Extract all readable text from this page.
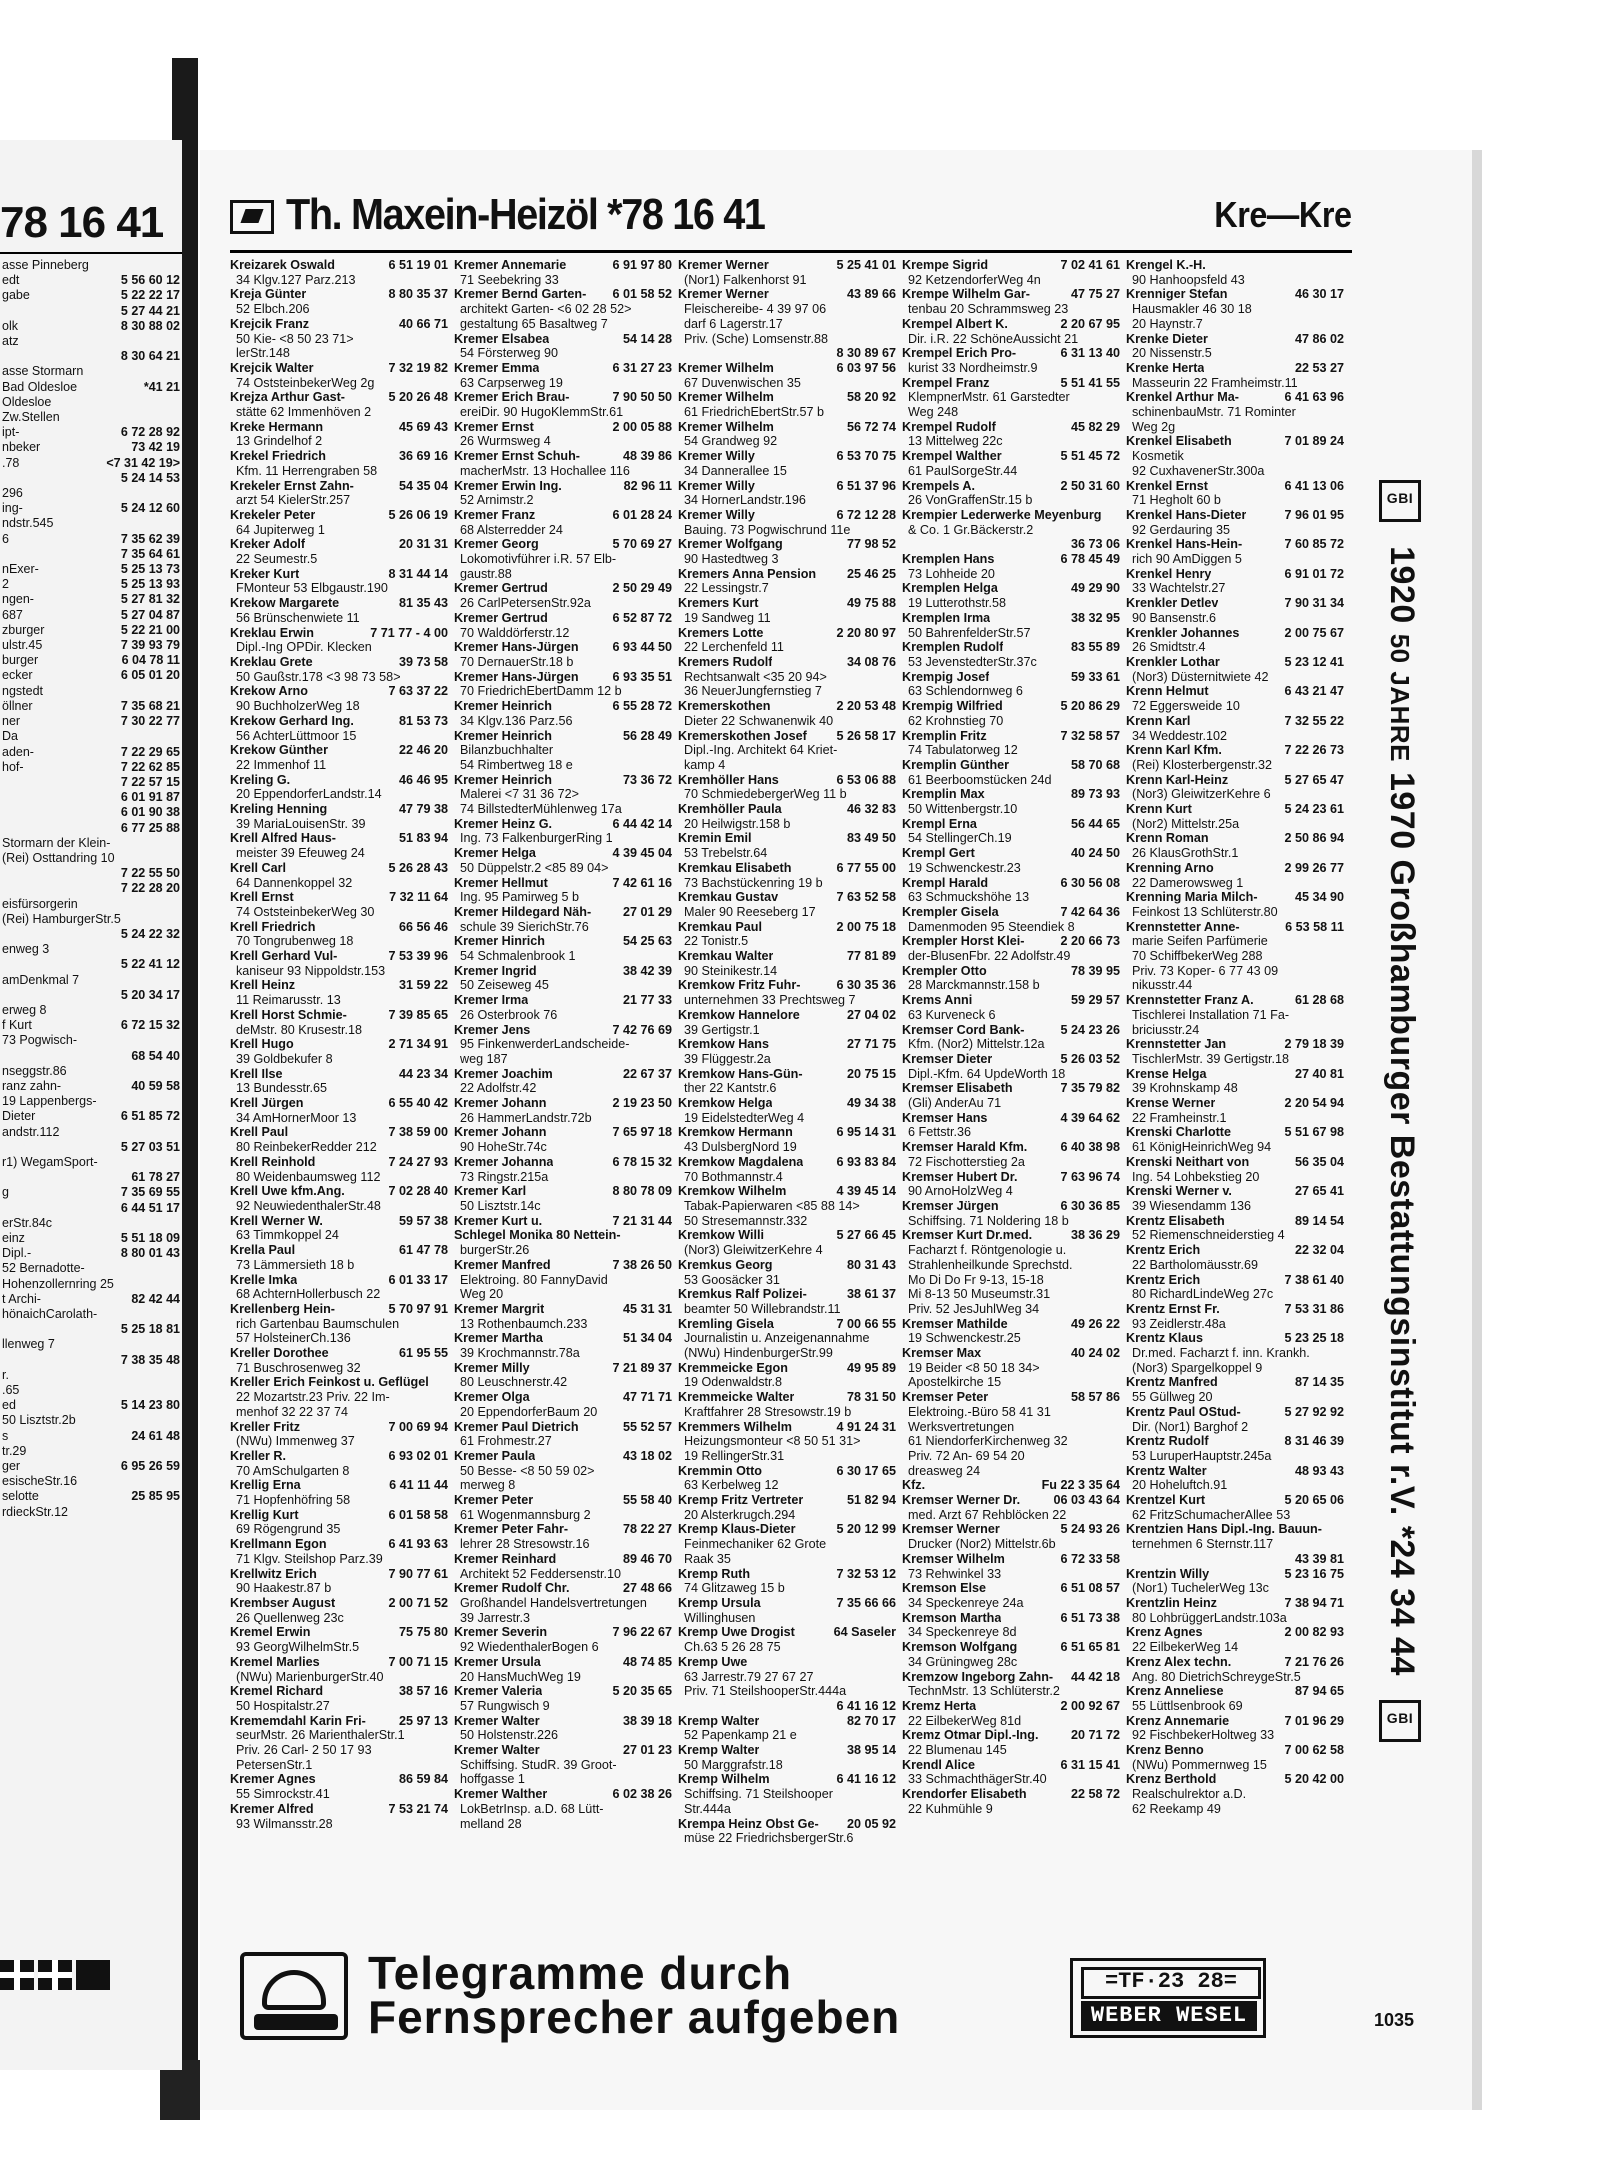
78 16 41
asse Pinneberg
edt	5 56 60 12
gabe	5 22 22 17
5 27 44 21
olk	8 30 88 02
atz
8 30 64 21
asse Stormarn
Bad Oldesloe	*41 21
Oldesloe
Zw.Stellen
ipt-	6 72 28 92
nbeker	73 42 19
.78	<7 31 42 19>
5 24 14 53
296
ing-	5 24 12 60
ndstr.545
6	7 35 62 39
7 35 64 61
nExer-	5 25 13 73
2	5 25 13 93
ngen-	5 27 81 32
687	5 27 04 87
zburger	5 22 21 00
ulstr.45	7 39 93 79
burger	6 04 78 11
ecker	6 05 01 20
ngstedt
öllner	7 35 68 21
ner	7 30 22 77
Da
aden-	7 22 29 65
hof-	7 22 62 85
7 22 57 15
6 01 91 87
6 01 90 38
6 77 25 88
Stormarn der Klein-
(Rei) Osttandring 10
7 22 55 50
7 22 28 20
eisfürsorgerin
(Rei) HamburgerStr.5
5 24 22 32
enweg 3
5 22 41 12
amDenkmal 7
5 20 34 17
erweg 8
f Kurt	6 72 15 32
73 Pogwisch-
68 54 40
nseggstr.86
ranz zahn-	40 59 58
19 Lappenbergs-
Dieter	6 51 85 72
andstr.112
5 27 03 51
r1) WegamSport-
61 78 27
g	7 35 69 55
6 44 51 17
erStr.84c
einz	5 51 18 09
Dipl.-	8 80 01 43
52 Bernadotte-
Hohenzollernring 25
t Archi-	82 42 44
hönaichCarolath-
5 25 18 81
llenweg 7
7 38 35 48
r.
.65
ed	5 14 23 80
50 Lisztstr.2b
s	24 61 48
tr.29
ger	6 95 26 59
esischeStr.16
selotte	25 85 95
rdieckStr.12
Th. Maxein-Heizöl *78 16 41	Kre—Kre
Kreizarek Oswald	6 51 19 01
34 Klgv.127 Parz.213
Kreja Günter	8 80 35 37
52 Elbch.206
Krejcik Franz	40 66 71
50 Kie- <8 50 23 71>
lerStr.148
Krejcik Walter	7 32 19 82
74 OststeinbekerWeg 2g
Krejza Arthur Gast-	5 20 26 48
stätte 62 Immenhöven 2
Kreke Hermann	45 69 43
13 Grindelhof 2
Krekel Friedrich	36 69 16
Kfm. 11 Herrengraben 58
Krekeler Ernst Zahn-	54 35 04
arzt 54 KielerStr.257
Krekeler Peter	5 26 06 19
64 Jupiterweg 1
Kreker Adolf	20 31 31
22 Seumestr.5
Kreker Kurt	8 31 44 14
FMonteur 53 Elbgaustr.190
Krekow Margarete	81 35 43
56 Brünschenwiete 11
Kreklau Erwin	7 71 77 - 4 00
Dipl.-Ing OPDir. Klecken
Kreklau Grete	39 73 58
50 Gaußstr.178 <3 98 73 58>
Krekow Arno	7 63 37 22
90 BuchholzerWeg 18
Krekow Gerhard Ing.	81 53 73
56 AchterLüttmoor 15
Krekow Günther	22 46 20
22 Immenhof 11
Kreling G.	46 46 95
20 EppendorferLandstr.14
Kreling Henning	47 79 38
39 MariaLouisenStr. 39
Krell Alfred Haus-	51 83 94
meister 39 Efeuweg 24
Krell Carl	5 26 28 43
64 Dannenkoppel 32
Krell Ernst	7 32 11 64
74 OststeinbekerWeg 30
Krell Friedrich	66 56 46
70 Tongrubenweg 18
Krell Gerhard Vul-	7 53 39 96
kaniseur 93 Nippoldstr.153
Krell Heinz	31 59 22
11 Reimarusstr. 13
Krell Horst Schmie-	7 39 85 65
deMstr. 80 Krusestr.18
Krell Hugo	2 71 34 91
39 Goldbekufer 8
Krell Ilse	44 23 34
13 Bundesstr.65
Krell Jürgen	6 55 40 42
34 AmHornerMoor 13
Krell Paul	7 38 59 00
80 ReinbekerRedder 212
Krell Reinhold	7 24 27 93
80 Weidenbaumsweg 112
Krell Uwe kfm.Ang.	7 02 28 40
92 NeuwiedenthalerStr.48
Krell Werner W.	59 57 38
63 Timmkoppel 24
Krella Paul	61 47 78
73 Lämmersieth 18 b
Krelle Imka	6 01 33 17
68 AchternHollerbusch 22
Krellenberg Hein-	5 70 97 91
rich Gartenbau Baumschulen
57 HolsteinerCh.136
Kreller Dorothee	61 95 55
71 Buschrosenweg 32
Kreller Erich Feinkost u. Geflügel
22 Mozartstr.23 Priv. 22 Im-
menhof 32 22 37 74
Kreller Fritz	7 00 69 94
(NWu) Immenweg 37
Kreller R.	6 93 02 01
70 AmSchulgarten 8
Krellig Erna	6 41 11 44
71 Hopfenhöfring 58
Krellig Kurt	6 01 58 58
69 Rögengrund 35
Krellmann Egon	6 41 93 63
71 Klgv. Steilshop Parz.39
Krellwitz Erich	7 90 77 61
90 Haakestr.87 b
Krembser August	2 00 71 52
26 Quellenweg 23c
Kremel Erwin	75 75 80
93 GeorgWilhelmStr.5
Kremel Marlies	7 00 71 15
(NWu) MarienburgerStr.40
Kremel Richard	38 57 16
50 Hospitalstr.27
Krememdahl Karin Fri-	25 97 13
seurMstr. 26 MarienthalerStr.1
Priv. 26 Carl- 2 50 17 93
PetersenStr.1
Kremer Agnes	86 59 84
55 Simrockstr.41
Kremer Alfred	7 53 21 74
93 Wilmansstr.28
Kremer Annemarie	6 91 97 80
71 Seebekring 33
Kremer Bernd Garten-	6 01 58 52
architekt Garten- <6 02 28 52>
gestaltung 65 Basaltweg 7
Kremer Elsabea	54 14 28
54 Försterweg 90
Kremer Emma	6 31 27 23
63 Carpserweg 19
Kremer Erich Brau-	7 90 50 50
ereiDir. 90 HugoKlemmStr.61
Kremer Ernst	2 00 05 88
26 Wurmsweg 4
Kremer Ernst Schuh-	48 39 86
macherMstr. 13 Hochallee 116
Kremer Erwin Ing.	82 96 11
52 Arnimstr.2
Kremer Franz	6 01 28 24
68 Alsterredder 24
Kremer Georg	5 70 69 27
Lokomotivführer i.R. 57 Elb-
gaustr.88
Kremer Gertrud	2 50 29 49
26 CarlPetersenStr.92a
Kremer Gertrud	6 52 87 72
70 Walddörferstr.12
Kremer Hans-Jürgen	6 93 44 50
70 DernauerStr.18 b
Kremer Hans-Jürgen	6 93 35 51
70 FriedrichEbertDamm 12 b
Kremer Heinrich	6 55 28 72
34 Klgv.136 Parz.56
Kremer Heinrich	56 28 49
Bilanzbuchhalter
54 Rimbertweg 18 e
Kremer Heinrich	73 36 72
Malerei <7 31 36 72>
74 BillstedterMühlenweg 17a
Kremer Heinz G.	6 44 42 14
Ing. 73 FalkenburgerRing 1
Kremer Helga	4 39 45 04
50 Düppelstr.2 <85 89 04>
Kremer Hellmut	7 42 61 16
Ing. 95 Pamirweg 5 b
Kremer Hildegard Näh-	27 01 29
schule 39 SierichStr.76
Kremer Hinrich	54 25 63
54 Schmalenbrook 1
Kremer Ingrid	38 42 39
50 Zeiseweg 45
Kremer Irma	21 77 33
26 Osterbrook 76
Kremer Jens	7 42 76 69
95 FinkenwerderLandscheide-
weg 187
Kremer Joachim	22 67 37
22 Adolfstr.42
Kremer Johann	2 19 23 50
26 HammerLandstr.72b
Kremer Johann	7 65 97 18
90 HoheStr.74c
Kremer Johanna	6 78 15 32
73 Ringstr.215a
Kremer Karl	8 80 78 09
50 Lisztstr.14c
Kremer Kurt u.	7 21 31 44
Schlegel Monika 80 Nettein-
burgerStr.26
Kremer Manfred	7 38 26 50
Elektroing. 80 FannyDavid
Weg 20
Kremer Margrit	45 31 31
13 Rothenbaumch.233
Kremer Martha	51 34 04
39 Krochmannstr.78a
Kremer Milly	7 21 89 37
80 Leuschnerstr.42
Kremer Olga	47 71 71
20 EppendorferBaum 20
Kremer Paul Dietrich	55 52 57
61 Frohmestr.27
Kremer Paula	43 18 02
50 Besse- <8 50 59 02>
merweg 8
Kremer Peter	55 58 40
61 Wogenmannsburg 2
Kremer Peter Fahr-	78 22 27
lehrer 28 Stresowstr.16
Kremer Reinhard	89 46 70
Architekt 52 Feddersenstr.10
Kremer Rudolf Chr.	27 48 66
Großhandel Handelsvertretungen
39 Jarrestr.3
Kremer Severin	7 96 22 67
92 WiedenthalerBogen 6
Kremer Ursula	48 74 85
20 HansMuchWeg 19
Kremer Valeria	5 20 35 65
57 Rungwisch 9
Kremer Walter	38 39 18
50 Holstenstr.226
Kremer Walter	27 01 23
Schiffsing. StudR. 39 Groot-
hoffgasse 1
Kremer Walther	6 02 38 26
LokBetrInsp. a.D. 68 Lütt-
melland 28
Kremer Werner	5 25 41 01
(Nor1) Falkenhorst 91
Kremer Werner	43 89 66
Fleischereibe- 4 39 97 06
darf 6 Lagerstr.17
Priv. (Sche) Lomsenstr.88
8 30 89 67
Kremer Wilhelm	6 03 97 56
67 Duvenwischen 35
Kremer Wilhelm	58 20 92
61 FriedrichEbertStr.57 b
Kremer Wilhelm	56 72 74
54 Grandweg 92
Kremer Willy	6 53 70 75
34 Dannerallee 15
Kremer Willy	6 51 37 96
34 HornerLandstr.196
Kremer Willy	6 72 12 28
Bauing. 73 Pogwischrund 11e
Kremer Wolfgang	77 98 52
90 Hastedtweg 3
Kremers Anna Pension	25 46 25
22 Lessingstr.7
Kremers Kurt	49 75 88
19 Sandweg 11
Kremers Lotte	2 20 80 97
22 Lerchenfeld 11
Kremers Rudolf	34 08 76
Rechtsanwalt <35 20 94>
36 NeuerJungfernstieg 7
Kremerskothen	2 20 53 48
Dieter 22 Schwanenwik 40
Kremerskothen Josef	5 26 58 17
Dipl.-Ing. Architekt 64 Kriet-
kamp 4
Kremhöller Hans	6 53 06 88
70 SchmiedebergerWeg 11 b
Kremhöller Paula	46 32 83
20 Heilwigstr.158 b
Kremin Emil	83 49 50
53 Trebelstr.64
Kremkau Elisabeth	6 77 55 00
73 Bachstückenring 19 b
Kremkau Gustav	7 63 52 58
Maler 90 Reeseberg 17
Kremkau Paul	2 00 75 18
22 Tonistr.5
Kremkau Walter	77 81 89
90 Steinikestr.14
Kremkow Fritz Fuhr-	6 30 35 36
unternehmen 33 Prechtsweg 7
Kremkow Hannelore	27 04 02
39 Gertigstr.1
Kremkow Hans	27 71 75
39 Flüggestr.2a
Kremkow Hans-Gün-	20 75 15
ther 22 Kantstr.6
Kremkow Helga	49 34 38
19 EidelstedterWeg 4
Kremkow Hermann	6 95 14 31
43 DulsbergNord 19
Kremkow Magdalena	6 93 83 84
70 Bothmannstr.4
Kremkow Wilhelm	4 39 45 14
Tabak-Papierwaren <85 88 14>
50 Stresemannstr.332
Kremkow Willi	5 27 66 45
(Nor3) GleiwitzerKehre 4
Kremkus Georg	80 31 43
53 Goosäcker 31
Kremkus Ralf Polizei-	38 61 37
beamter 50 Willebrandstr.11
Kremling Gisela	7 00 66 55
Journalistin u. Anzeigenannahme
(NWu) HindenburgerStr.99
Kremmeicke Egon	49 95 89
19 Odenwaldstr.8
Kremmeicke Walter	78 31 50
Kraftfahrer 28 Stresowstr.19 b
Kremmers Wilhelm	4 91 24 31
Heizungsmonteur <8 50 51 31>
19 RellingerStr.31
Kremmin Otto	6 30 17 65
63 Kerbelweg 12
Kremp Fritz Vertreter	51 82 94
20 Alsterkrugch.294
Kremp Klaus-Dieter	5 20 12 99
Feinmechaniker 62 Grote
Raak 35
Kremp Ruth	7 32 53 12
74 Glitzaweg 15 b
Kremp Ursula	7 35 66 66
Willinghusen
Kremp Uwe Drogist	64 Saseler
Ch.63 5 26 28 75
Kremp Uwe
63 Jarrestr.79 27 67 27
Priv. 71 SteilshooperStr.444a
6 41 16 12
Kremp Walter	82 70 17
52 Papenkamp 21 e
Kremp Walter	38 95 14
50 Marggrafstr.18
Kremp Wilhelm	6 41 16 12
Schiffsing. 71 Steilshooper
Str.444a
Krempa Heinz Obst Ge-	20 05 92
müse 22 FriedrichsbergerStr.6
Krempe Sigrid	7 02 41 61
92 KetzendorferWeg 4n
Krempe Wilhelm Gar-	47 75 27
tenbau 20 Schrammsweg 23
Krempel Albert K.	2 20 67 95
Dir. i.R. 22 SchöneAussicht 21
Krempel Erich Pro-	6 31 13 40
kurist 33 Nordheimstr.9
Krempel Franz	5 51 41 55
KlempnerMstr. 61 Garstedter
Weg 248
Krempel Rudolf	45 82 29
13 Mittelweg 22c
Krempel Walther	5 51 45 72
61 PaulSorgeStr.44
Krempels A.	2 50 31 60
26 VonGraffenStr.15 b
Krempier Lederwerke Meyenburg
& Co. 1 Gr.Bäckerstr.2
36 73 06
Kremplen Hans	6 78 45 49
73 Lohheide 20
Kremplen Helga	49 29 90
19 Lutterothstr.58
Kremplen Irma	38 32 95
50 BahrenfelderStr.57
Kremplen Rudolf	83 55 89
53 JevenstedterStr.37c
Krempig Josef	59 33 61
63 Schlendornweg 6
Krempig Wilfried	5 20 86 29
62 Krohnstieg 70
Kremplin Fritz	7 32 58 57
74 Tabulatorweg 12
Kremplin Günther	58 70 68
61 Beerboomstücken 24d
Kremplin Max	89 73 93
50 Wittenbergstr.10
Krempl Erna	56 44 65
54 StellingerCh.19
Krempl Gert	40 24 50
19 Schwenckestr.23
Krempl Harald	6 30 56 08
63 Schmuckshöhe 13
Krempler Gisela	7 42 64 36
Damenmoden 95 Steendiek 8
Krempler Horst Klei-	2 20 66 73
der-BlusenFbr. 22 Adolfstr.49
Krempler Otto	78 39 95
28 Marckmannstr.158 b
Krems Anni	59 29 57
63 Kurveneck 6
Kremser Cord Bank-	5 24 23 26
Kfm. (Nor2) Mittelstr.12a
Kremser Dieter	5 26 03 52
Dipl.-Kfm. 64 UpdeWorth 18
Kremser Elisabeth	7 35 79 82
(Gli) AnderAu 71
Kremser Hans	4 39 64 62
6 Fettstr.36
Kremser Harald Kfm.	6 40 38 98
72 Fischotterstieg 2a
Kremser Hubert Dr.	7 63 96 74
90 ArnoHolzWeg 4
Kremser Jürgen	6 30 36 85
Schiffsing. 71 Noldering 18 b
Kremser Kurt Dr.med.	38 36 29
Facharzt f. Röntgenologie u.
Strahlenheilkunde Sprechstd.
Mo Di Do Fr 9-13, 15-18
Mi 8-13 50 Museumstr.31
Priv. 52 JesJuhlWeg 34
Kremser Mathilde	49 26 22
19 Schwenckestr.25
Kremser Max	40 24 02
19 Beider <8 50 18 34>
Apostelkirche 15
Kremser Peter	58 57 86
Elektroing.-Büro 58 41 31
Werksvertretungen
61 NiendorferKirchenweg 32
Priv. 72 An- 69 54 20
dreasweg 24
Kfz.	Fu 22 3 35 64
Kremser Werner Dr.	06 03 43 64
med. Arzt 67 Rehblöcken 22
Kremser Werner	5 24 93 26
Drucker (Nor2) Mittelstr.6b
Kremser Wilhelm	6 72 33 58
73 Rehwinkel 33
Kremson Else	6 51 08 57
34 Speckenreye 24a
Kremson Martha	6 51 73 38
34 Speckenreye 8d
Kremson Wolfgang	6 51 65 81
34 Grüningweg 28c
Kremzow Ingeborg Zahn-	44 42 18
TechnMstr. 13 Schlüterstr.2
Kremz Herta	2 00 92 67
22 EilbekerWeg 81d
Kremz Otmar Dipl.-Ing.	20 71 72
22 Blumenau 145
Krendl Alice	6 31 15 41
33 SchmachthägerStr.40
Krendorfer Elisabeth	22 58 72
22 Kuhmühle 9
Krengel K.-H.
90 Hanhoopsfeld 43
Krenniger Stefan	46 30 17
Hausmakler 46 30 18
20 Haynstr.7
Krenke Dieter	47 86 02
20 Nissenstr.5
Krenke Herta	22 53 27
Masseurin 22 Framheimstr.11
Krenkel Arthur Ma-	6 41 63 96
schinenbauMstr. 71 Rominter
Weg 2g
Krenkel Elisabeth	7 01 89 24
Kosmetik
92 CuxhavenerStr.300a
Krenkel Ernst	6 41 13 06
71 Hegholt 60 b
Krenkel Hans-Dieter	7 96 01 95
92 Gerdauring 35
Krenkel Hans-Hein-	7 60 85 72
rich 90 AmDiggen 5
Krenkel Henry	6 91 01 72
33 Wachtelstr.27
Krenkler Detlev	7 90 31 34
90 Bansenstr.6
Krenkler Johannes	2 00 75 67
26 Smidtstr.4
Krenkler Lothar	5 23 12 41
(Nor3) Düsternitwiete 42
Krenn Helmut	6 43 21 47
72 Eggersweide 10
Krenn Karl	7 32 55 22
34 Weddestr.102
Krenn Karl Kfm.	7 22 26 73
(Rei) Klosterbergenstr.32
Krenn Karl-Heinz	5 27 65 47
(Nor3) GleiwitzerKehre 6
Krenn Kurt	5 24 23 61
(Nor2) Mittelstr.25a
Krenn Roman	2 50 86 94
26 KlausGrothStr.1
Krenning Arno	2 99 26 77
22 Damerowsweg 1
Krenning Maria Milch-	45 34 90
Feinkost 13 Schlüterstr.80
Krennstetter Anne-	6 53 58 11
marie Seifen Parfümerie
70 SchiffbekerWeg 288
Priv. 73 Koper- 6 77 43 09
nikusstr.44
Krennstetter Franz A.	61 28 68
Tischlerei Installation 71 Fa-
briciusstr.24
Krennstetter Jan	2 79 18 39
TischlerMstr. 39 Gertigstr.18
Krense Helga	27 40 81
39 Krohnskamp 48
Krense Werner	2 20 54 94
22 Framheinstr.1
Krenski Charlotte	5 51 67 98
61 KönigHeinrichWeg 94
Krenski Neithart von	56 35 04
Ing. 54 Lohbekstieg 20
Krenski Werner v.	27 65 41
39 Wiesendamm 136
Krentz Elisabeth	89 14 54
52 Riemenschneiderstieg 4
Krentz Erich	22 32 04
22 Bartholomäusstr.69
Krentz Erich	7 38 61 40
80 RichardLindeWeg 27c
Krentz Ernst Fr.	7 53 31 86
93 Zeidlerstr.48a
Krentz Klaus	5 23 25 18
Dr.med. Facharzt f. inn. Krankh.
(Nor3) Spargelkoppel 9
Krentz Manfred	87 14 35
55 Güllweg 20
Krentz Paul OStud-	5 27 92 92
Dir. (Nor1) Barghof 2
Krentz Rudolf	8 31 46 39
53 LuruperHauptstr.245a
Krentz Walter	48 93 43
20 Hoheluftch.91
Krentzel Kurt	5 20 65 06
62 FritzSchumacherAllee 53
Krentzien Hans Dipl.-Ing. Bauun-
ternehmen 6 Sternstr.117
43 39 81
Krentzin Willy	5 23 16 75
(Nor1) TuchelerWeg 13c
Krentzlin Heinz	7 38 94 71
80 LohbrüggerLandstr.103a
Krenz Agnes	2 00 82 93
22 EilbekerWeg 14
Krenz Alex techn.	7 21 76 26
Ang. 80 DietrichSchreygeStr.5
Krenz Anneliese	87 94 65
55 Lüttlsenbrook 69
Krenz Annemarie	7 01 96 29
92 FischbekerHoltweg 33
Krenz Benno	7 00 62 58
(NWu) Pommernweg 15
Krenz Berthold	5 20 42 00
Realschulrektor a.D.
62 Reekamp 49
GBI 1920 50 JAHRE 1970 Großhamburger Bestattungsinstitut r.V. *24 34 44 GBI
Telegramme durch
Fernsprecher aufgeben
=TF·23 28=
WEBER WESEL	1035
